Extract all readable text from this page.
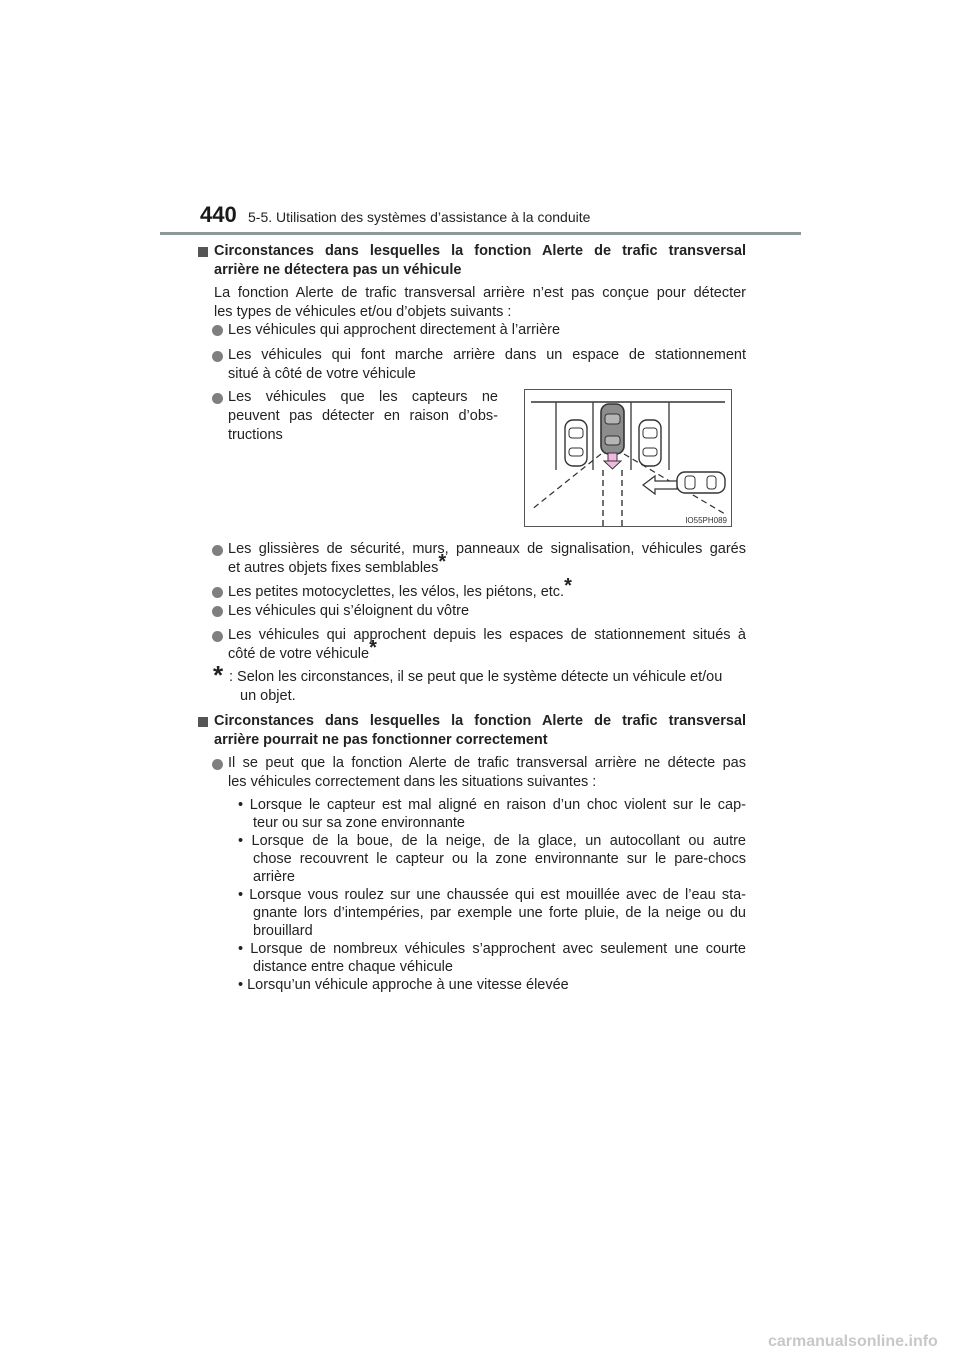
440 5-5. Utilisation des systèmes d’assistance à la conduite
Circonstances dans lesquelles la fonction Alerte de trafic transversal
arrière ne détectera pas un véhicule
La fonction Alerte de trafic transversal arrière n’est pas conçue pour détecter
les types de véhicules et/ou d’objets suivants :
Les véhicules qui approchent directement à l’arrière
Les véhicules qui font marche arrière dans un espace de stationnement
situé à côté de votre véhicule
Les véhicules que les capteurs ne
peuvent pas détecter en raison d’obs-
tructions
IO55PH089
Les glissières de sécurité, murs, panneaux de signalisation, véhicules garés
et autres objets fixes semblables*
Les petites motocyclettes, les vélos, les piétons, etc.*
Les véhicules qui s’éloignent du vôtre
Les véhicules qui approchent depuis les espaces de stationnement situés à
côté de votre véhicule*
* : Selon les circonstances, il se peut que le système détecte un véhicule et/ou
un objet.
Circonstances dans lesquelles la fonction Alerte de trafic transversal
arrière pourrait ne pas fonctionner correctement
Il se peut que la fonction Alerte de trafic transversal arrière ne détecte pas
les véhicules correctement dans les situations suivantes :
• Lorsque le capteur est mal aligné en raison d’un choc violent sur le cap-
teur ou sur sa zone environnante
• Lorsque de la boue, de la neige, de la glace, un autocollant ou autre
chose recouvrent le capteur ou la zone environnante sur le pare-chocs
arrière
• Lorsque vous roulez sur une chaussée qui est mouillée avec de l’eau sta-
gnante lors d’intempéries, par exemple une forte pluie, de la neige ou du
brouillard
• Lorsque de nombreux véhicules s’approchent avec seulement une courte
distance entre chaque véhicule
• Lorsqu’un véhicule approche à une vitesse élevée
carmanualsonline.info
